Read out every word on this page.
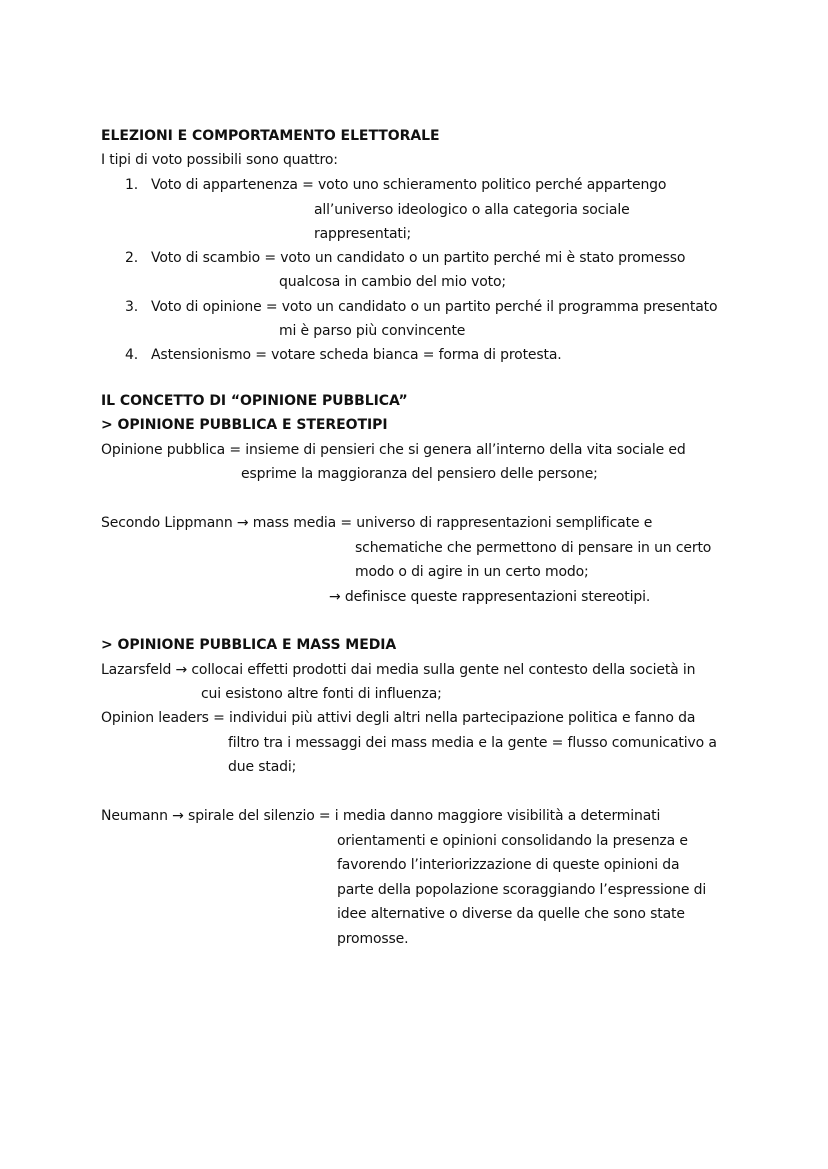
ELEZIONI E COMPORTAMENTO ELETTORALE
I tipi di voto possibili sono quattro:
1. Voto di appartenenza = voto uno schieramento politico perché appartengo
all’universo ideologico o alla categoria sociale
rappresentati;
2. Voto di scambio = voto un candidato o un partito perché mi è stato promesso
qualcosa in cambio del mio voto;
3. Voto di opinione = voto un candidato o un partito perché il programma presentato
mi è parso più convincente
4. Astensionismo = votare scheda bianca = forma di protesta.
IL CONCETTO DI “OPINIONE PUBBLICA”
> OPINIONE PUBBLICA E STEREOTIPI
Opinione pubblica = insieme di pensieri che si genera all’interno della vita sociale ed
esprime la maggioranza del pensiero delle persone;
Secondo Lippmann → mass media = universo di rappresentazioni semplificate e
schematiche che permettono di pensare in un certo
modo o di agire in un certo modo;
→ definisce queste rappresentazioni stereotipi.
> OPINIONE PUBBLICA E MASS MEDIA
Lazarsfeld → collocai effetti prodotti dai media sulla gente nel contesto della società in
cui esistono altre fonti di influenza;
Opinion leaders = individui più attivi degli altri nella partecipazione politica e fanno da
filtro tra i messaggi dei mass media e la gente = flusso comunicativo a
due stadi;
Neumann → spirale del silenzio = i media danno maggiore visibilità a determinati
orientamenti e opinioni consolidando la presenza e
favorendo l’interiorizzazione di queste opinioni da
parte della popolazione scoraggiando l’espressione di
idee alternative o diverse da quelle che sono state
promosse.
